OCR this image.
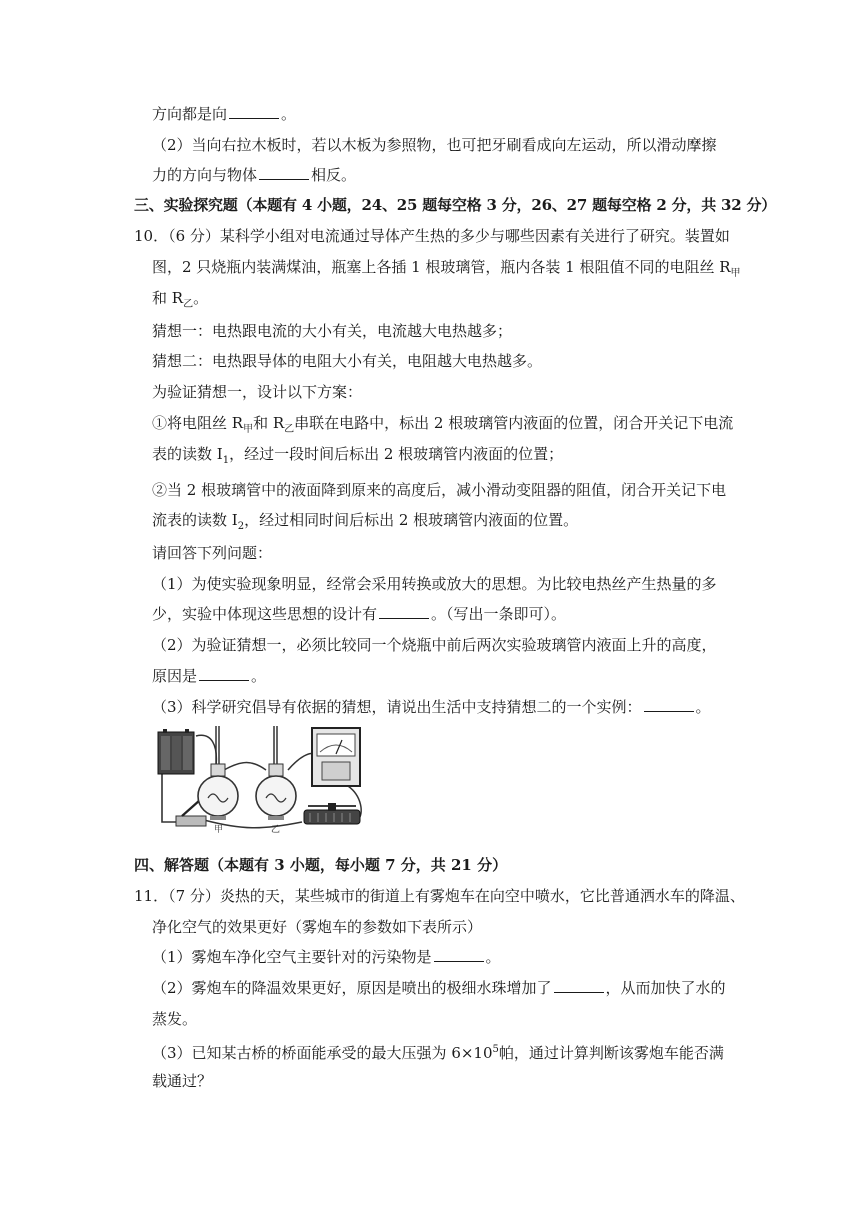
方向都是向	。
（2）当向右拉木板时，若以木板为参照物，也可把牙刷看成向左运动，所以滑动摩擦
力的方向与物体	相反。
三、实验探究题（本题有 4 小题，24、25 题每空格 3 分，26、27 题每空格 2 分，共 32 分）
10．（6 分）某科学小组对电流通过导体产生热的多少与哪些因素有关进行了研究。装置如
图，2 只烧瓶内装满煤油，瓶塞上各插 1 根玻璃管，瓶内各装 1 根阻值不同的电阻丝 $R_甲$
和 $R_乙$。
猜想一：电热跟电流的大小有关，电流越大电热越多；
猜想二：电热跟导体的电阻大小有关，电阻越大电热越多。
为验证猜想一，设计以下方案：
①将电阻丝 $R_甲$和 $R_乙$串联在电路中，标出 2 根玻璃管内液面的位置，闭合开关记下电流
表的读数 $I_1$，经过一段时间后标出 2 根玻璃管内液面的位置；
②当 2 根玻璃管中的液面降到原来的高度后，减小滑动变阻器的阻值，闭合开关记下电
流表的读数 $I_2$，经过相同时间后标出 2 根玻璃管内液面的位置。
请回答下列问题：
（1）为使实验现象明显，经常会采用转换或放大的思想。为比较电热丝产生热量的多
少，实验中体现这些思想的设计有	。（写出一条即可）。
（2）为验证猜想一，必须比较同一个烧瓶中前后两次实验玻璃管内液面上升的高度，
原因是	。
（3）科学研究倡导有依据的猜想，请说出生活中支持猜想二的一个实例：	。
甲	乙
四、解答题（本题有 3 小题，每小题 7 分，共 21 分）
11．（7 分）炎热的天，某些城市的街道上有雾炮车在向空中喷水，它比普通洒水车的降温、
净化空气的效果更好（雾炮车的参数如下表所示）
（1）雾炮车净化空气主要针对的污染物是	。
（2）雾炮车的降温效果更好，原因是喷出的极细水珠增加了	，从而加快了水的
蒸发。
（3）已知某古桥的桥面能承受的最大压强为 $6\times 10^5$帕，通过计算判断该雾炮车能否满
载通过？
